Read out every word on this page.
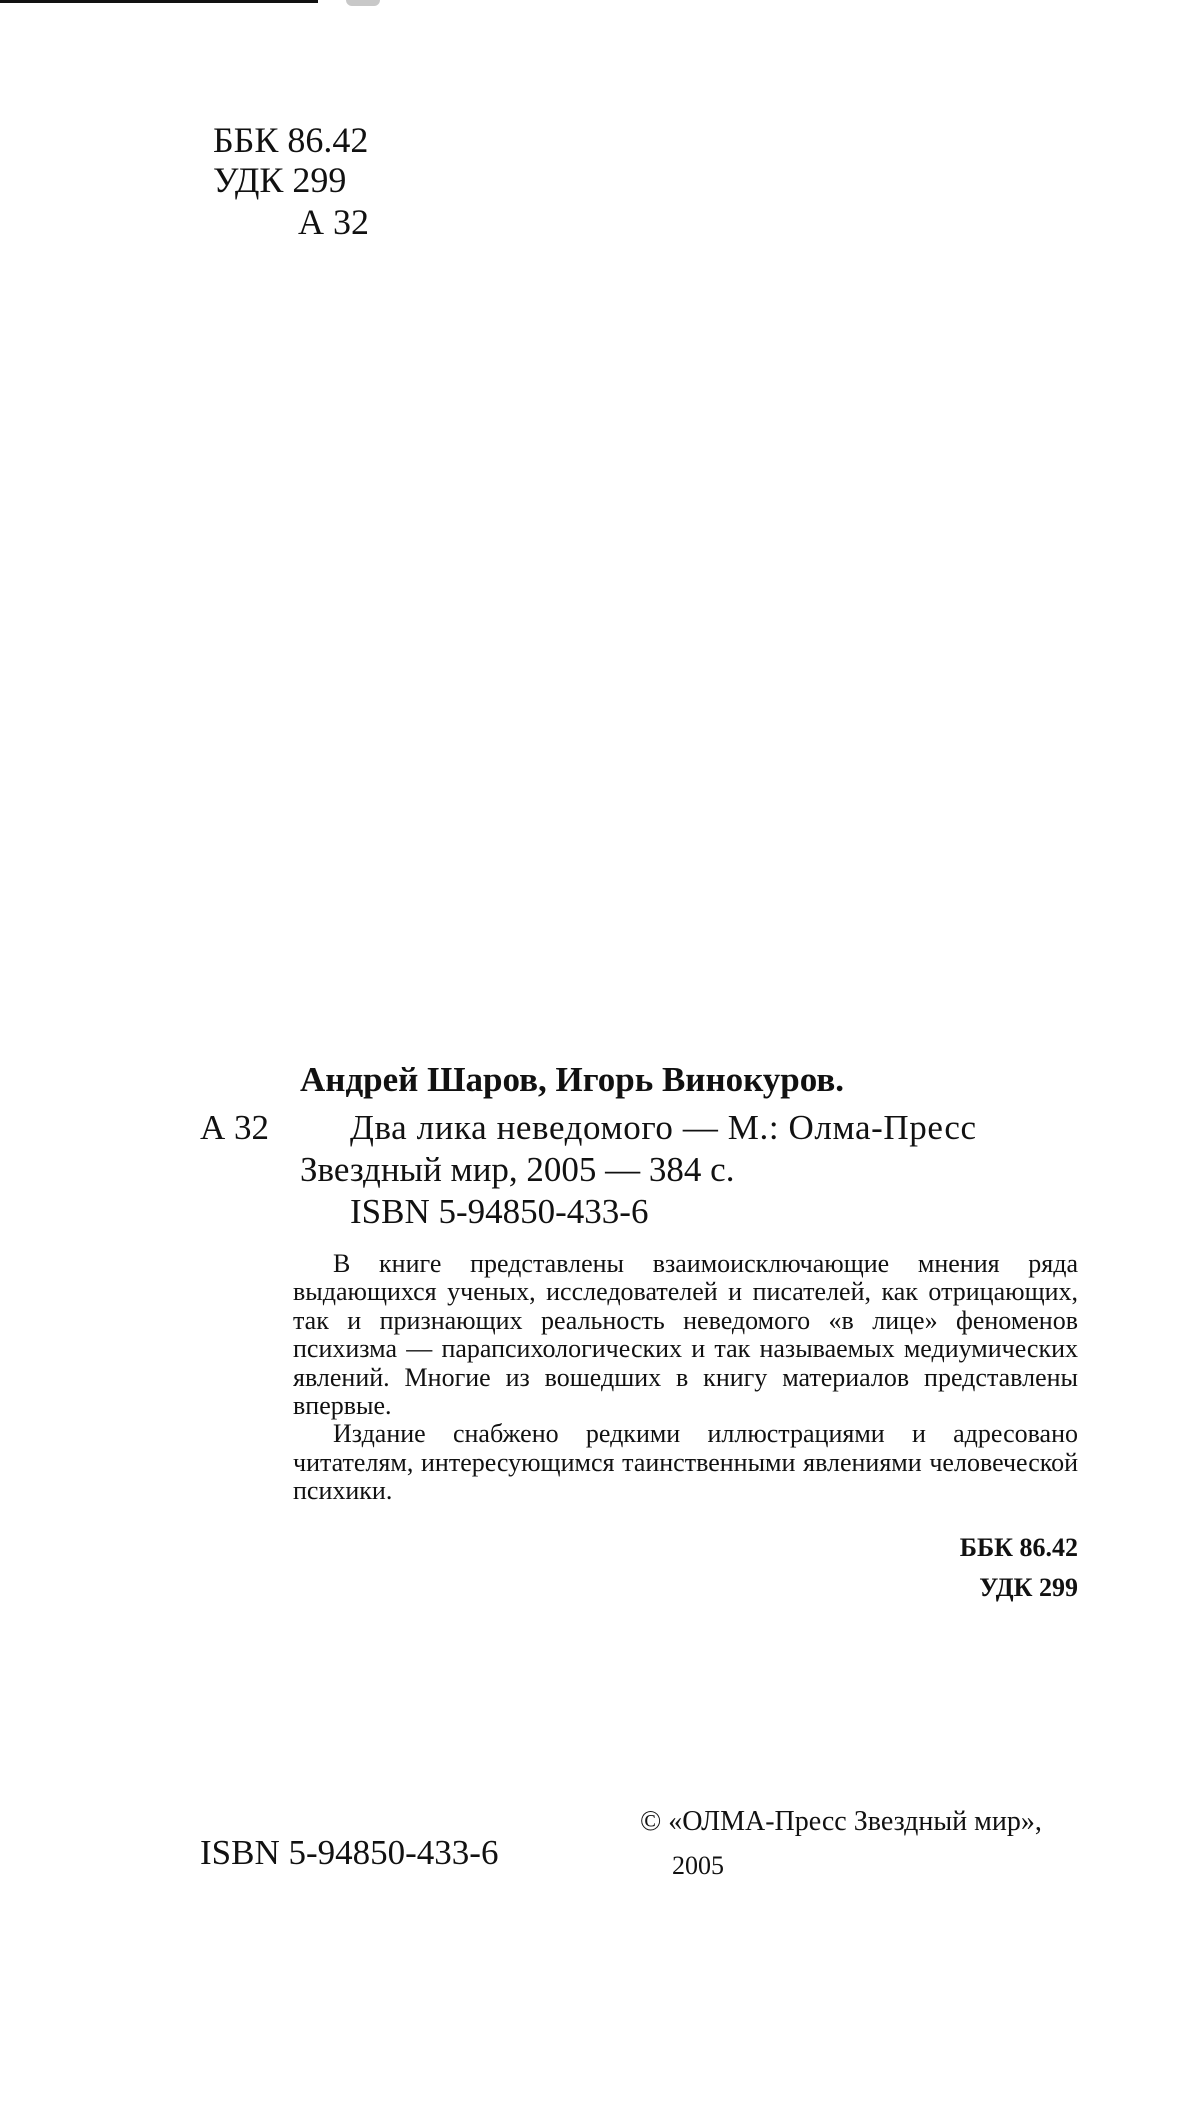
ББК 86.42
УДК 299
А 32
Андрей Шаров, Игорь Винокуров.
А 32 Два лика неведомого — М.: Олма-Пресс
Звездный мир, 2005 — 384 с.
ISBN 5-94850-433-6

В книге представлены взаимоисключающие мнения ряда выдающихся ученых, исследователей и писателей, как отрицающих, так и признающих реальность неведомого «в лице» феноменов психизма — парапсихологических и так называемых медиумических явлений. Многие из вошедших в книгу материалов представлены впервые.

Издание снабжено редкими иллюстрациями и адресовано читателям, интересующимся таинственными явлениями человеческой психики.

ББК 86.42
УДК 299
ISBN 5-94850-433-6
© «ОЛМА-Пресс Звездный мир»,
2005
